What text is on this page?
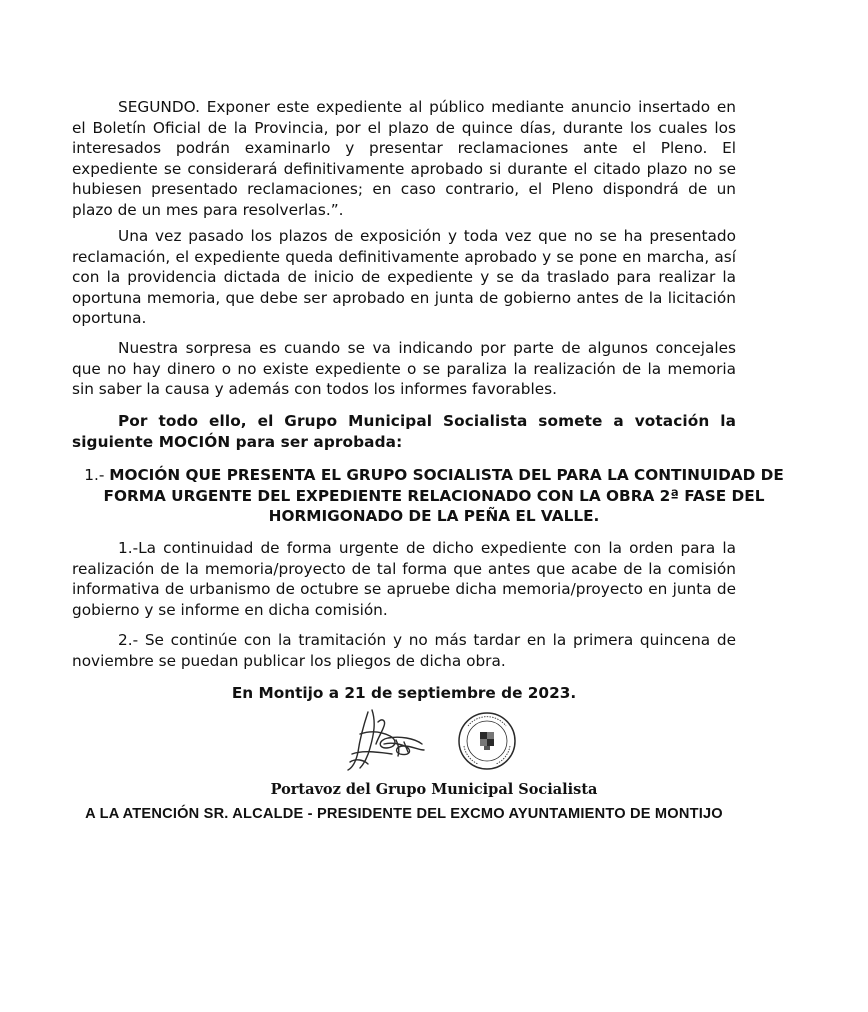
SEGUNDO. Exponer este expediente al público mediante anuncio insertado en el Boletín Oficial de la Provincia, por el plazo de quince días, durante los cuales los interesados podrán examinarlo y presentar reclamaciones ante el Pleno. El expediente se considerará definitivamente aprobado si durante el citado plazo no se hubiesen presentado reclamaciones; en caso contrario, el Pleno dispondrá de un plazo de un mes para resolverlas.”.

Una vez pasado los plazos de exposición y toda vez que no se ha presentado reclamación, el expediente queda definitivamente aprobado y se pone en marcha, así con la providencia dictada de inicio de expediente y se da traslado para realizar la oportuna memoria, que debe ser aprobado en junta de gobierno antes de la licitación oportuna.

Nuestra sorpresa es cuando se va indicando por parte de algunos concejales que no hay dinero o no existe expediente o se paraliza la realización de la memoria sin saber la causa y además con todos los informes favorables.

Por todo ello, el Grupo Municipal Socialista somete a votación la siguiente MOCIÓN para ser aprobada:

1.- MOCIÓN QUE PRESENTA EL GRUPO SOCIALISTA DEL PARA LA CONTINUIDAD DE FORMA URGENTE DEL EXPEDIENTE RELACIONADO CON LA OBRA 2ª FASE DEL HORMIGONADO DE LA PEÑA EL VALLE.

1.-La continuidad de forma urgente de dicho expediente con la orden para la realización de la memoria/proyecto de tal forma que antes que acabe de la comisión informativa de urbanismo de octubre se apruebe dicha memoria/proyecto en junta de gobierno y se informe en dicha comisión.

2.- Se continúe con la tramitación y no más tardar en la primera quincena de noviembre se puedan publicar los pliegos de dicha obra.

En Montijo a 21 de septiembre de 2023.

Portavoz del Grupo Municipal Socialista

A LA ATENCIÓN SR. ALCALDE - PRESIDENTE DEL EXCMO AYUNTAMIENTO DE MONTIJO
